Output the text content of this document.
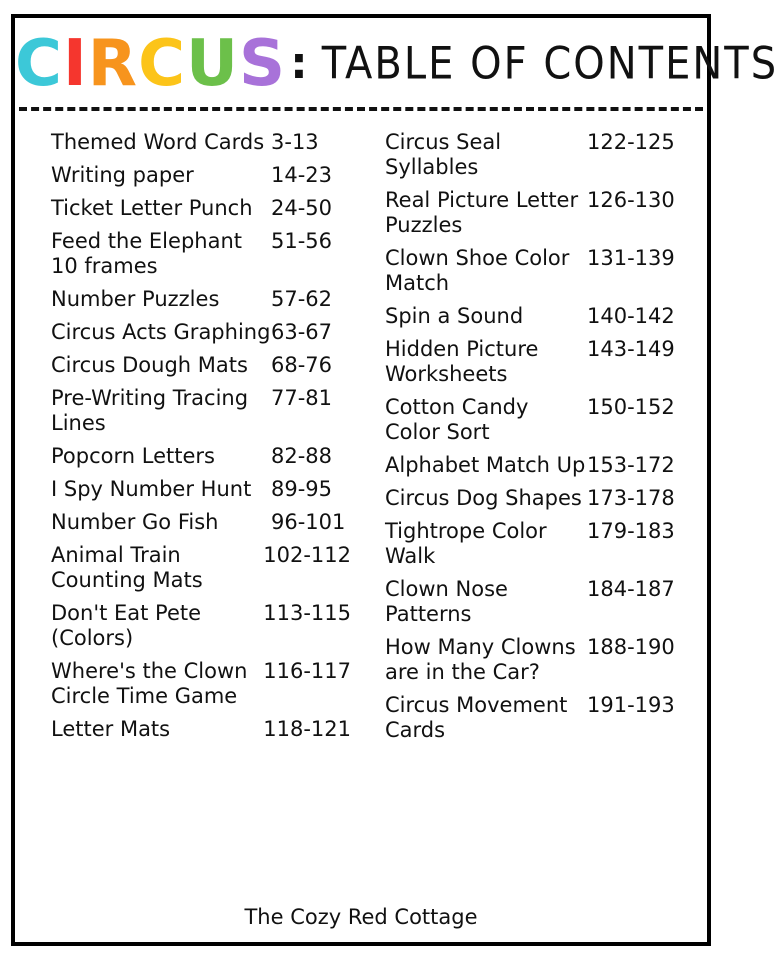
CIRCUS: TABLE OF CONTENTS
Themed Word Cards 3-13
Writing paper	14-23
Ticket Letter Punch 24-50
Feed the Elephant 10 frames
51-56
Number Puzzles	57-62
Circus Acts Graphing 63-67
Circus Dough Mats	68-76
Pre-Writing Tracing Lines
77-81
Popcorn Letters	82-88
I Spy Number Hunt 89-95
Number Go Fish	96-101
Animal Train Counting Mats
102-112
Don't Eat Pete (Colors)
113-115
Where's the Clown Circle Time Game
116-117
Letter Mats	118-121
Circus Seal Syllables
122-125
Real Picture Letter Puzzles
126-130
Clown Shoe Color Match
131-139
Spin a Sound	140-142
Hidden Picture Worksheets
143-149
Cotton Candy Color Sort
150-152
Alphabet Match Up 153-172
Circus Dog Shapes 173-178
Tightrope Color Walk
179-183
Clown Nose Patterns
184-187
How Many Clowns are in the Car?
188-190
Circus Movement Cards
191-193
The Cozy Red Cottage
